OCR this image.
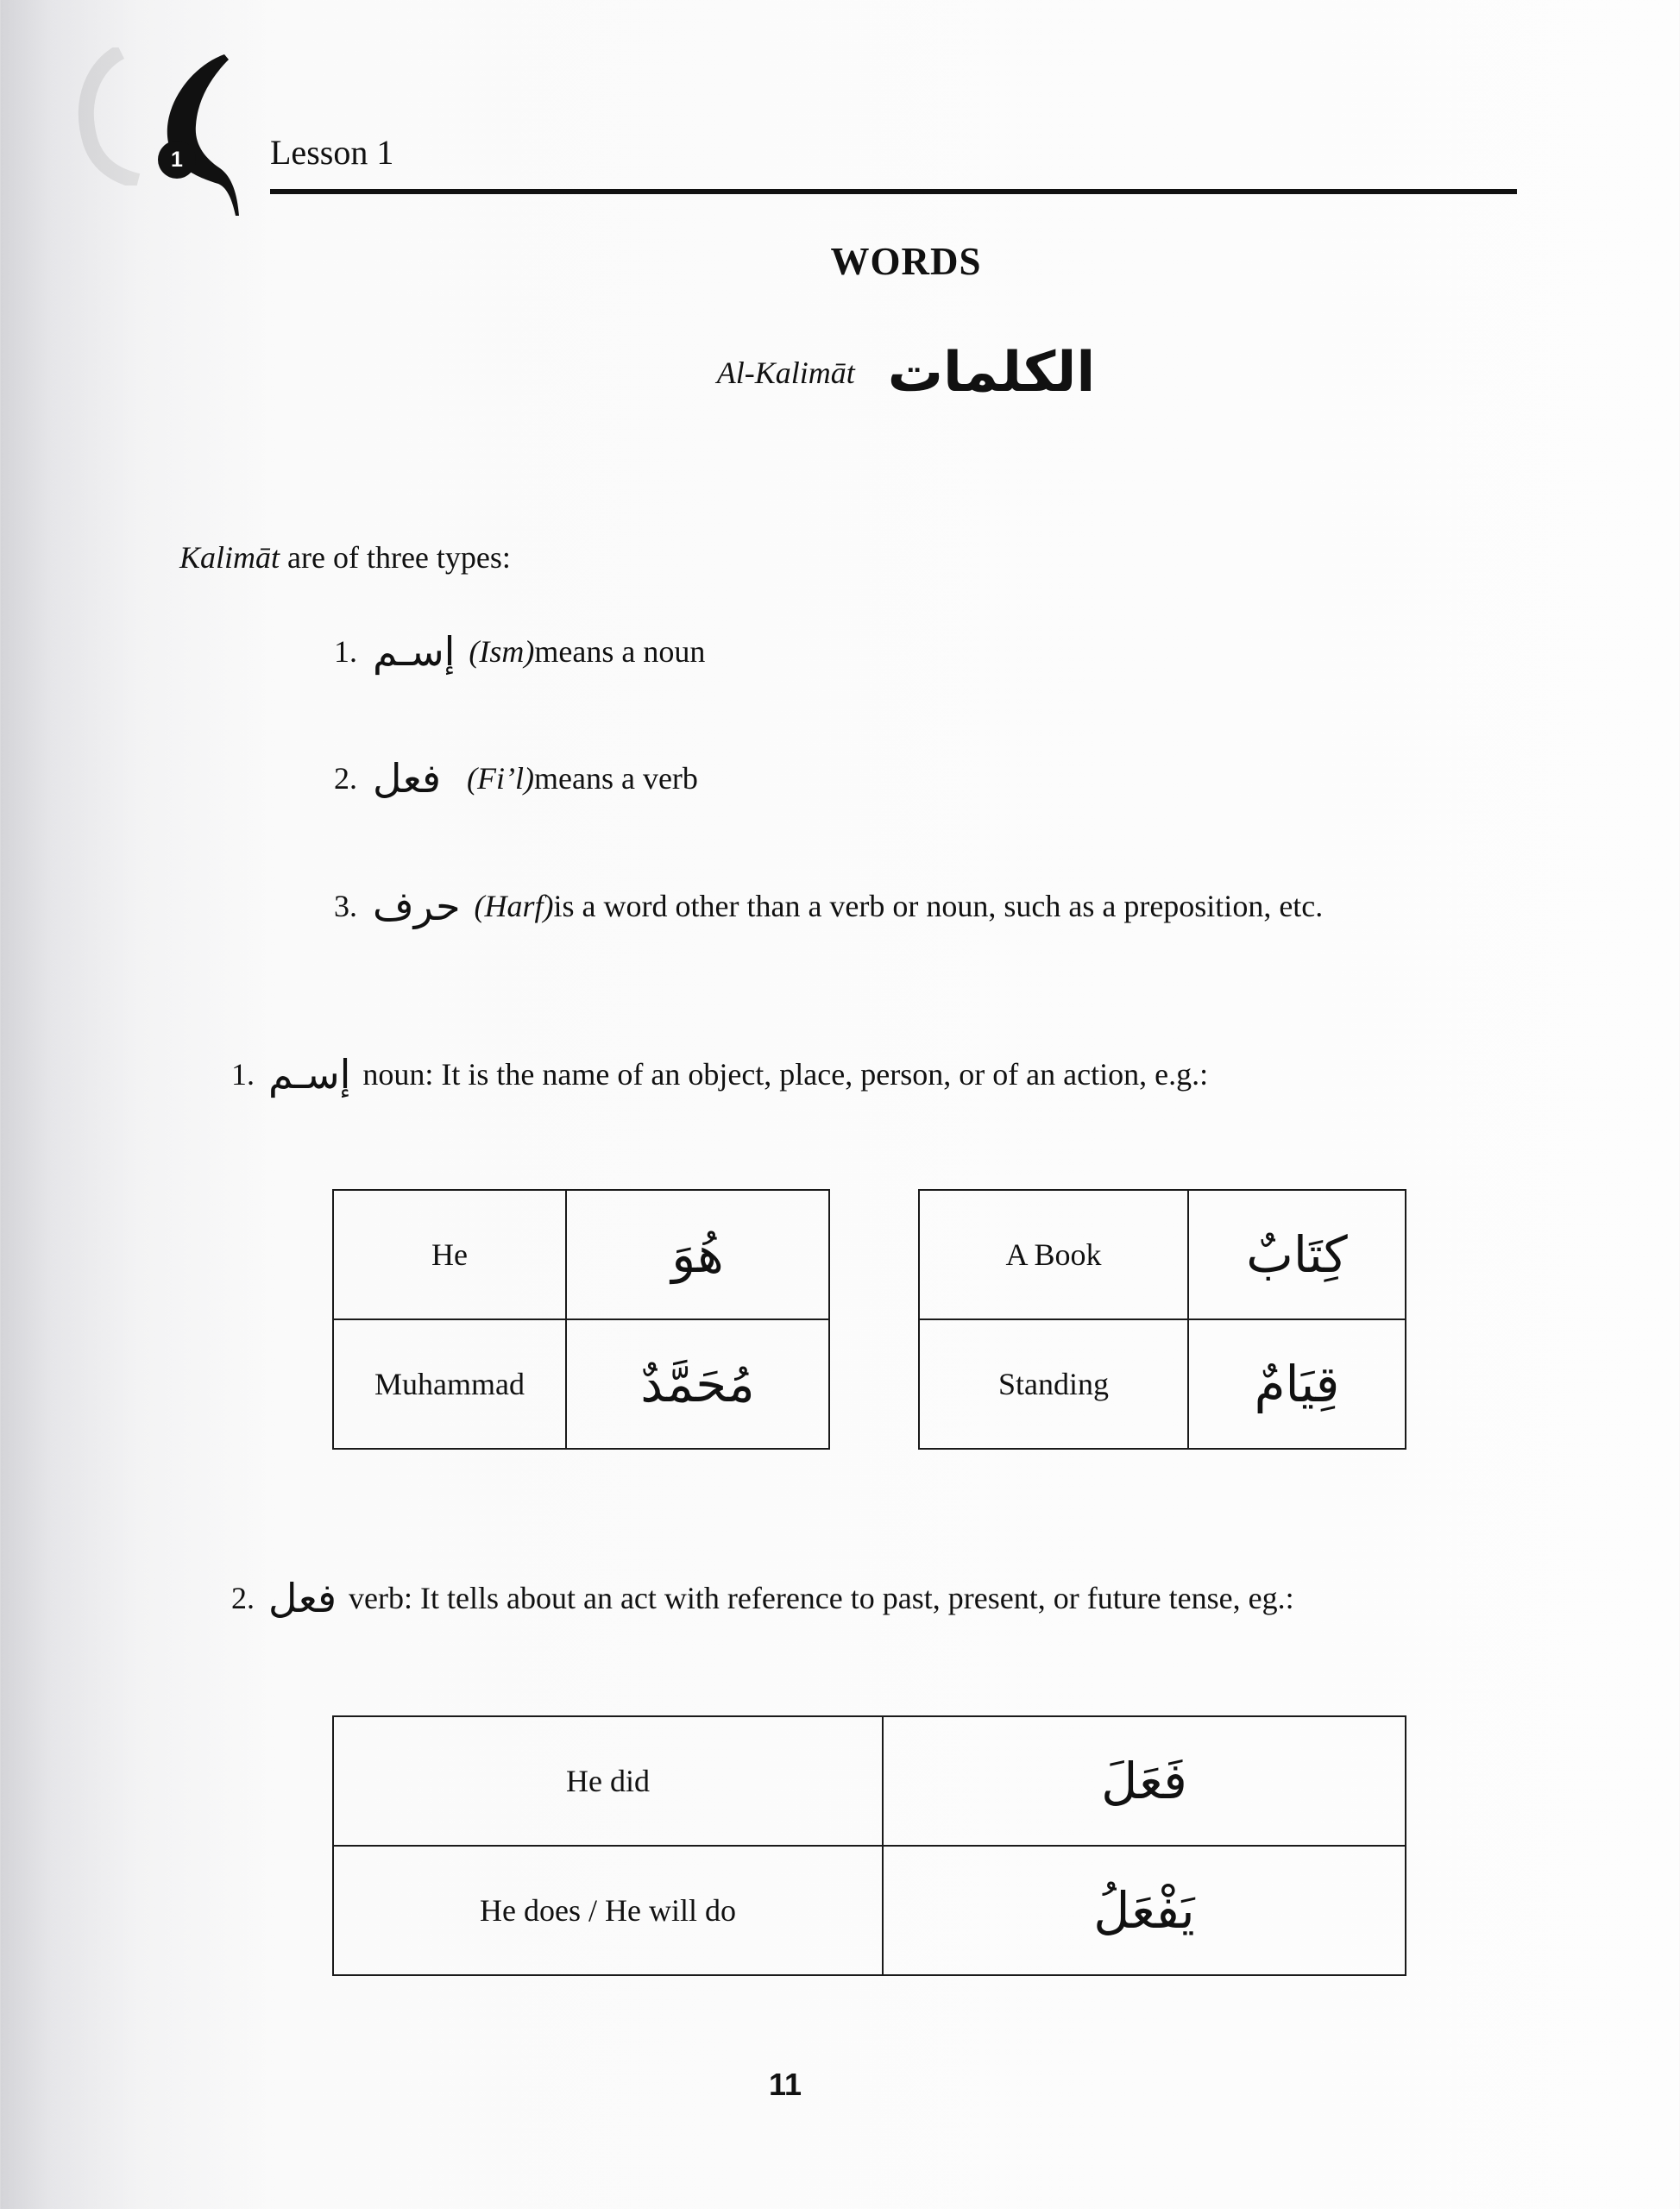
1	Lesson 1
WORDS
Al-Kalimāt الكلمات
Kalimāt are of three types:
1. إسـم (Ism) means a noun
2. فعل (Fi’l) means a verb
3. حرف (Harf) is a word other than a verb or noun, such as a preposition, etc.
1. إسـم noun: It is the name of an object, place, person, or of an action, e.g.:
He	هُوَ
Muhammad	مُحَمَّدٌ
A Book	كِتَابٌ
Standing	قِيَامٌ
2. فعل verb: It tells about an act with reference to past, present, or future tense, eg.:
He did	فَعَلَ
He does / He will do	يَفْعَلُ
11
